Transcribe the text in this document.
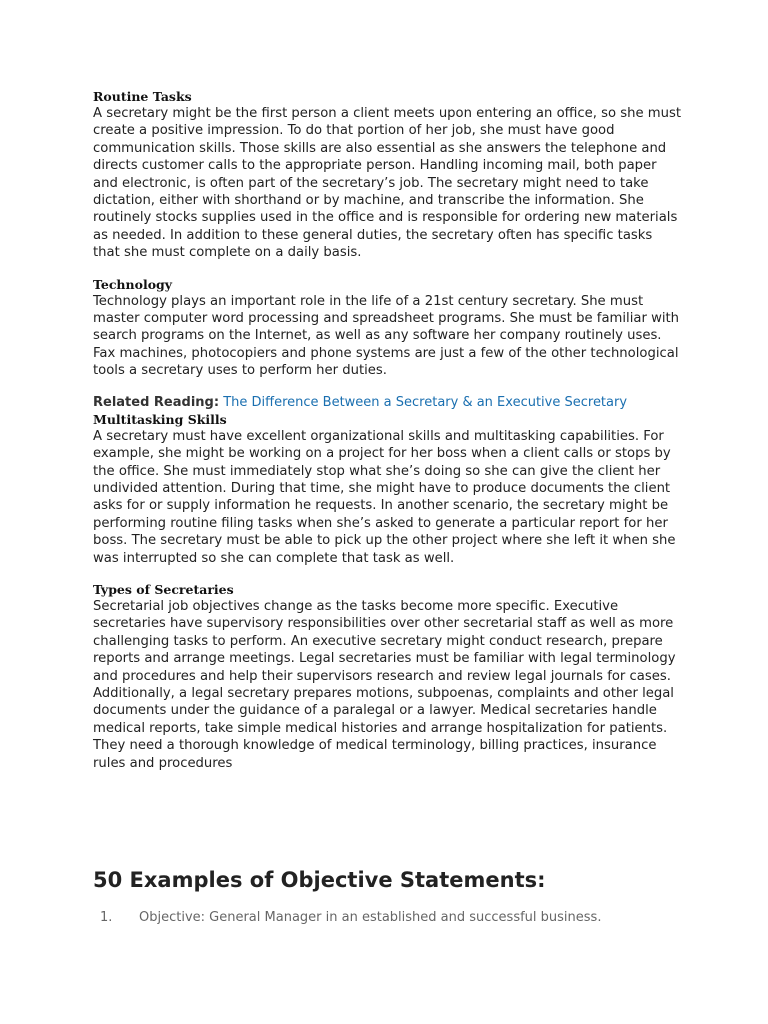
Routine Tasks

A secretary might be the first person a client meets upon entering an office, so she must create a positive impression. To do that portion of her job, she must have good communication skills. Those skills are also essential as she answers the telephone and directs customer calls to the appropriate person. Handling incoming mail, both paper and electronic, is often part of the secretary’s job. The secretary might need to take dictation, either with shorthand or by machine, and transcribe the information. She routinely stocks supplies used in the office and is responsible for ordering new materials as needed. In addition to these general duties, the secretary often has specific tasks that she must complete on a daily basis.

Technology

Technology plays an important role in the life of a 21st century secretary. She must master computer word processing and spreadsheet programs. She must be familiar with search programs on the Internet, as well as any software her company routinely uses. Fax machines, photocopiers and phone systems are just a few of the other technological tools a secretary uses to perform her duties.

Related Reading: The Difference Between a Secretary & an Executive Secretary

Multitasking Skills

A secretary must have excellent organizational skills and multitasking capabilities. For example, she might be working on a project for her boss when a client calls or stops by the office. She must immediately stop what she’s doing so she can give the client her undivided attention. During that time, she might have to produce documents the client asks for or supply information he requests. In another scenario, the secretary might be performing routine filing tasks when she’s asked to generate a particular report for her boss. The secretary must be able to pick up the other project where she left it when she was interrupted so she can complete that task as well.

Types of Secretaries

Secretarial job objectives change as the tasks become more specific. Executive secretaries have supervisory responsibilities over other secretarial staff as well as more challenging tasks to perform. An executive secretary might conduct research, prepare reports and arrange meetings. Legal secretaries must be familiar with legal terminology and procedures and help their supervisors research and review legal journals for cases. Additionally, a legal secretary prepares motions, subpoenas, complaints and other legal documents under the guidance of a paralegal or a lawyer. Medical secretaries handle medical reports, take simple medical histories and arrange hospitalization for patients. They need a thorough knowledge of medical terminology, billing practices, insurance rules and procedures

50 Examples of Objective Statements:
1. Objective: General Manager in an established and successful business.
